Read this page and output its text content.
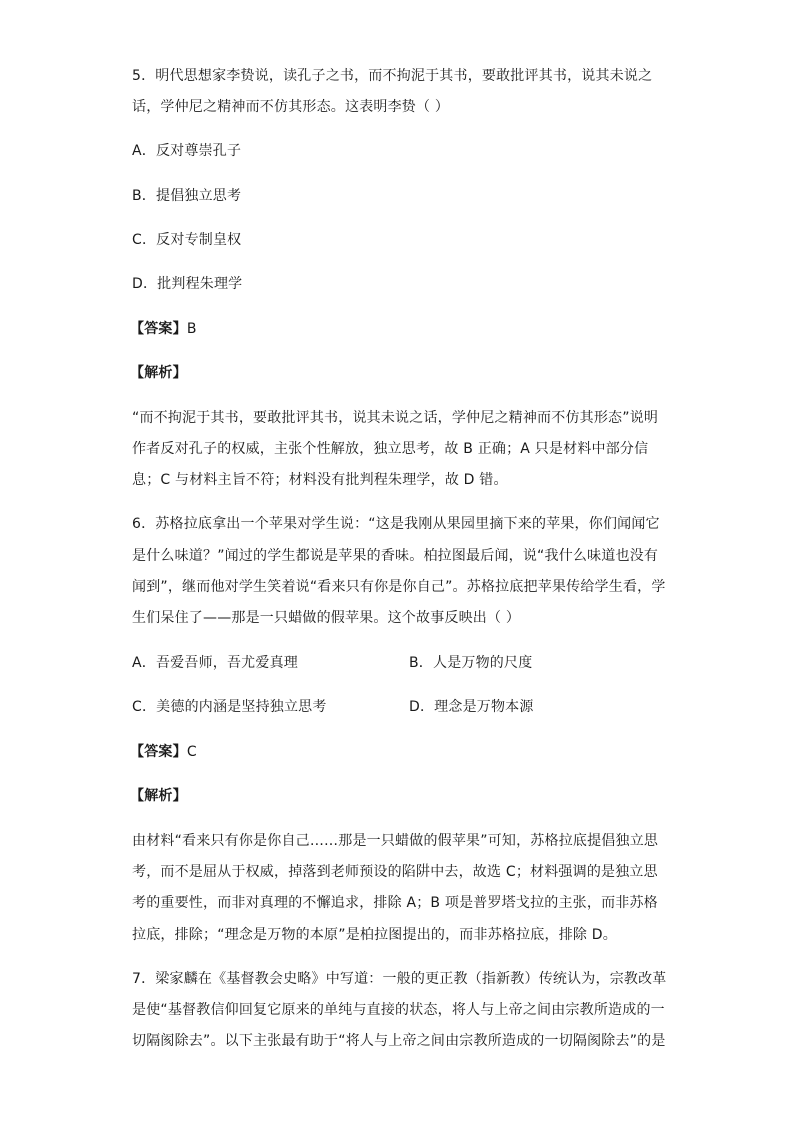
5．明代思想家李贽说，读孔子之书，而不拘泥于其书，要敢批评其书，说其未说之
话，学仲尼之精神而不仿其形态。这表明李贽（ ）
A．反对尊崇孔子
B．提倡独立思考
C．反对专制皇权
D．批判程朱理学
【答案】B
【解析】
“而不拘泥于其书，要敢批评其书，说其未说之话，学仲尼之精神而不仿其形态”说明
作者反对孔子的权威，主张个性解放，独立思考，故 B 正确；A 只是材料中部分信
息；C 与材料主旨不符；材料没有批判程朱理学，故 D 错。
6．苏格拉底拿出一个苹果对学生说：“这是我刚从果园里摘下来的苹果，你们闻闻它
是什么味道？”闻过的学生都说是苹果的香味。柏拉图最后闻，说“我什么味道也没有
闻到”，继而他对学生笑着说“看来只有你是你自己”。苏格拉底把苹果传给学生看，学
生们呆住了——那是一只蜡做的假苹果。这个故事反映出（ ）
A．吾爱吾师，吾尤爱真理	B．人是万物的尺度
C．美德的内涵是坚持独立思考	D．理念是万物本源
【答案】C
【解析】
由材料“看来只有你是你自己……那是一只蜡做的假苹果”可知，苏格拉底提倡独立思
考，而不是屈从于权威，掉落到老师预设的陷阱中去，故选 C；材料强调的是独立思
考的重要性，而非对真理的不懈追求，排除 A；B 项是普罗塔戈拉的主张，而非苏格
拉底，排除；“理念是万物的本原”是柏拉图提出的，而非苏格拉底，排除 D。
7．梁家麟在《基督教会史略》中写道：一般的更正教（指新教）传统认为，宗教改革
是使“基督教信仰回复它原来的单纯与直接的状态，将人与上帝之间由宗教所造成的一
切隔阂除去”。以下主张最有助于“将人与上帝之间由宗教所造成的一切隔阂除去”的是
